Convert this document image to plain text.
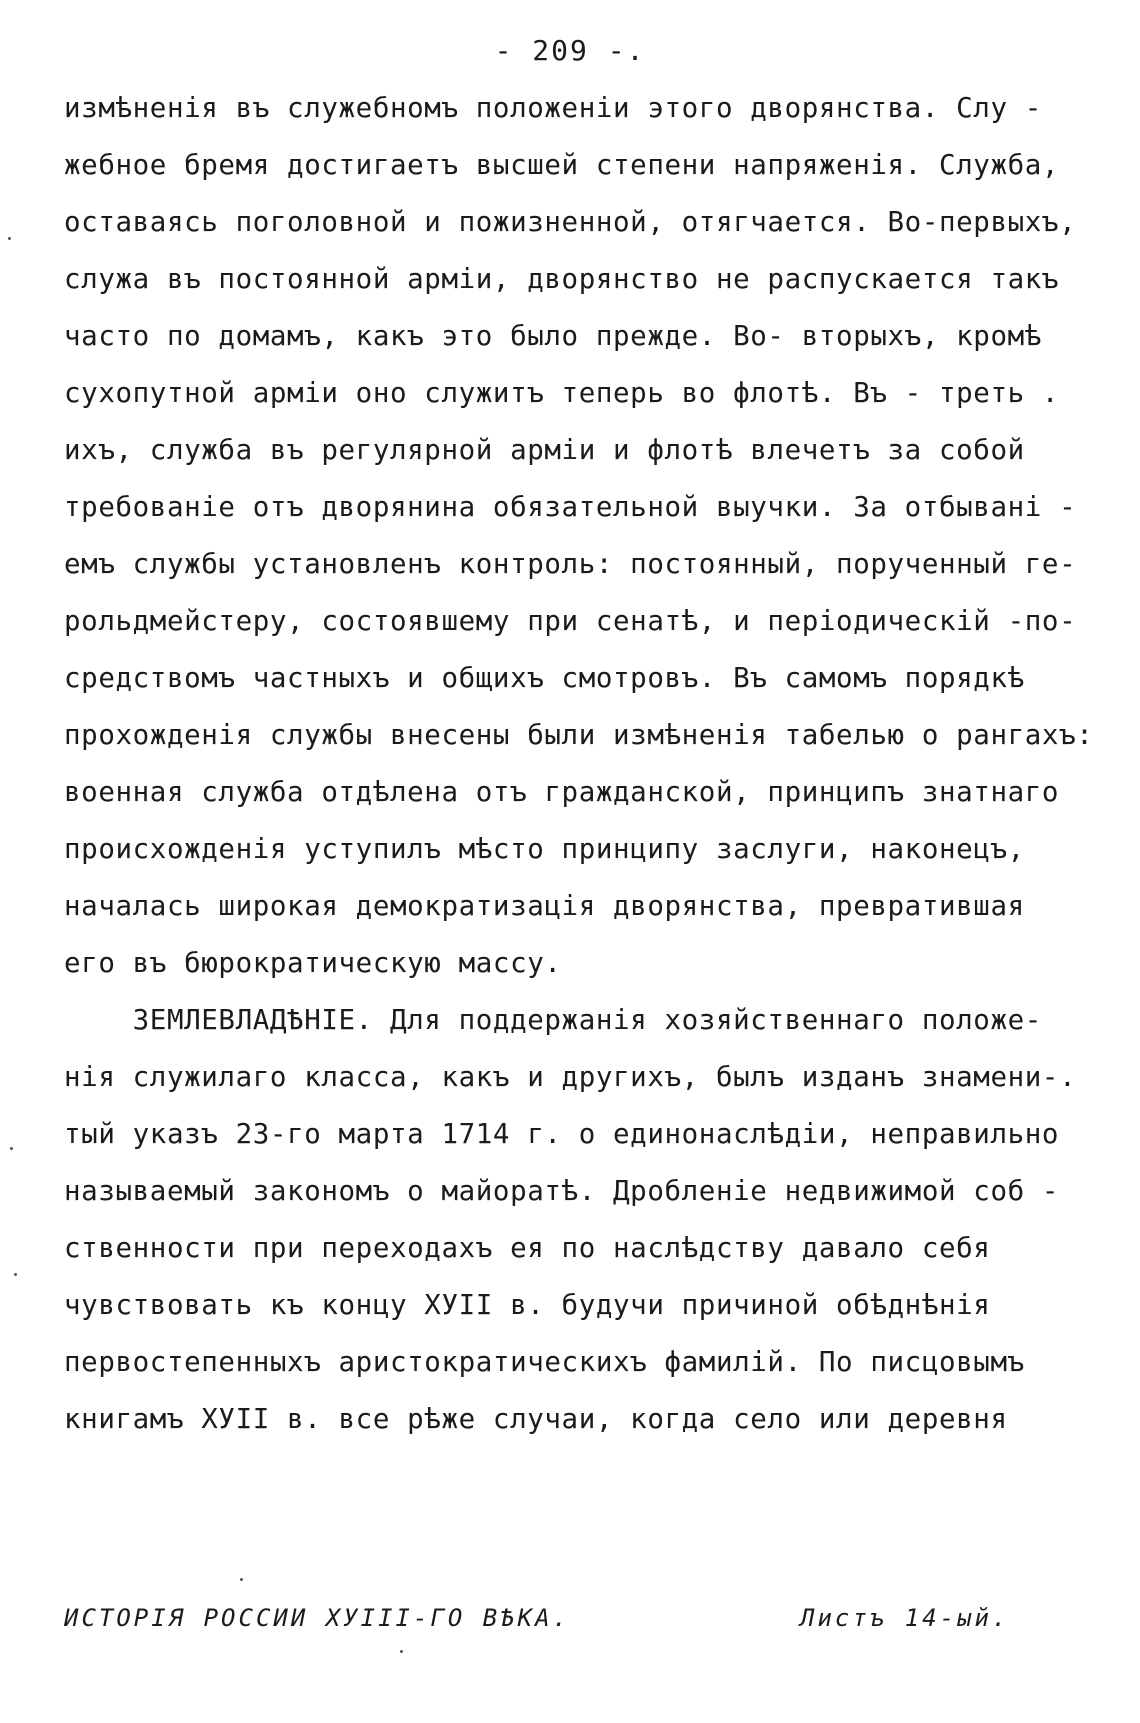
- 209 -.
измѣненія въ служебномъ положеніи этого дворянства. Слу -
жебное бремя достигаетъ высшей степени напряженія. Служба,
оставаясь поголовной и пожизненной, отягчается. Во-первыхъ,
служа въ постоянной арміи, дворянство не распускается такъ
часто по домамъ, какъ это было прежде. Во- вторыхъ, кромѣ
сухопутной арміи оно служитъ теперь во флотѣ. Въ - треть .
ихъ, служба въ регулярной арміи и флотѣ влечетъ за собой
требованіе отъ дворянина обязательной выучки. За отбывані -
емъ службы установленъ контроль: постоянный, порученный ге-
рольдмейстеру, состоявшему при сенатѣ, и періодическій -по-
средствомъ частныхъ и общихъ смотровъ. Въ самомъ порядкѣ
прохожденія службы внесены были измѣненія табелью о рангахъ:
военная служба отдѣлена отъ гражданской, принципъ знатнаго
происхожденія уступилъ мѣсто принципу заслуги, наконецъ,
началась широкая демократизація дворянства, превратившая
его въ бюрократическую массу.
ЗЕМЛЕВЛАДѢНІЕ. Для поддержанія хозяйственнаго положе-
нія служилаго класса, какъ и другихъ, былъ изданъ знамени-.
тый указъ 23-го марта 1714 г. о единонаслѣдіи, неправильно
называемый закономъ о майоратѣ. Дробленіе недвижимой соб -
ственности при переходахъ ея по наслѣдству давало себя
чувствовать къ концу ХУІІ в. будучи причиной обѣднѣнія
первостепенныхъ аристократическихъ фамилій. По писцовымъ
книгамъ ХУІІ в. все рѣже случаи, когда село или деревня
ИСТОРІЯ РОССИИ ХУІІІ-ГО ВѢКА.	Листъ 14-ый.
